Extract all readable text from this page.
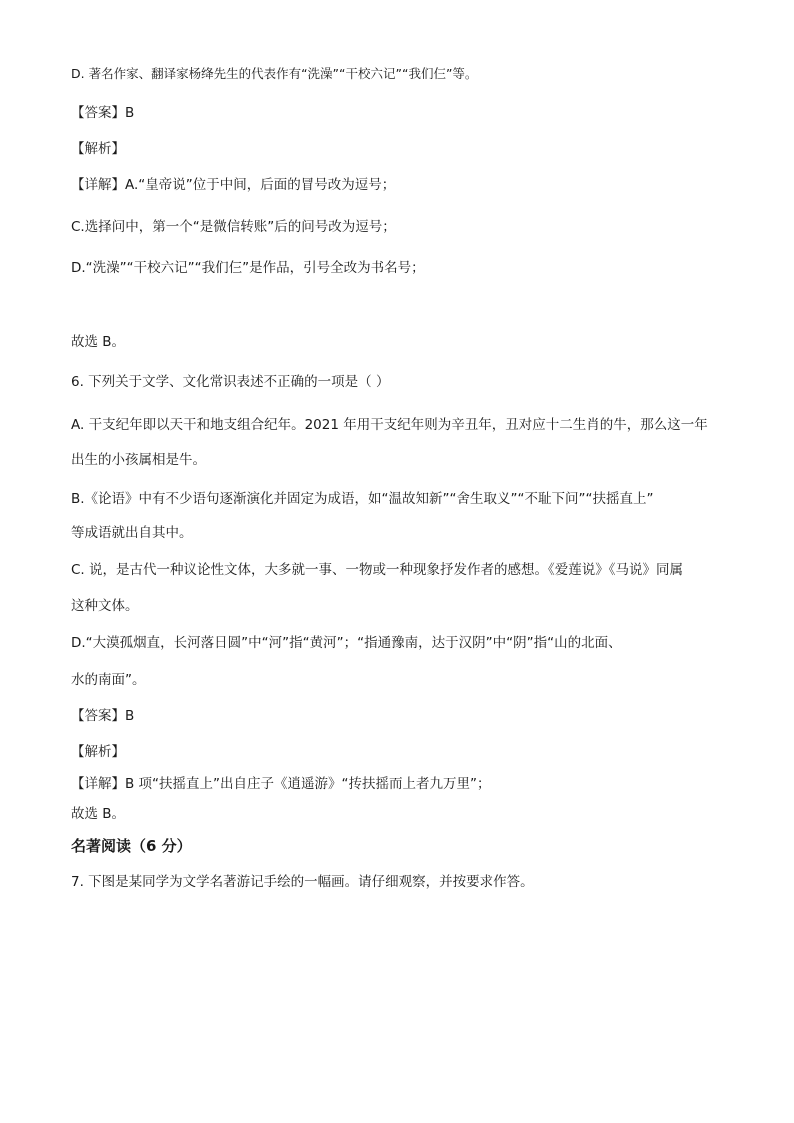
D. 著名作家、翻译家杨绛先生的代表作有“洗澡”“干校六记”“我们仨”等。
【答案】B
【解析】
【详解】A.“皇帝说”位于中间，后面的冒号改为逗号；
C.选择问中，第一个“是微信转账”后的问号改为逗号；
D.“洗澡”“干校六记”“我们仨”是作品，引号全改为书名号；
故选 B。
6. 下列关于文学、文化常识表述不正确的一项是（ ）
A. 干支纪年即以天干和地支组合纪年。2021 年用干支纪年则为辛丑年，丑对应十二生肖的牛，那么这一年
出生的小孩属相是牛。
B.《论语》中有不少语句逐渐演化并固定为成语，如“温故知新”“舍生取义”“不耻下问”“扶摇直上”
等成语就出自其中。
C. 说，是古代一种议论性文体，大多就一事、一物或一种现象抒发作者的感想。《爱莲说》《马说》同属
这种文体。
D.“大漠孤烟直，长河落日圆”中“河”指“黄河”；“指通豫南，达于汉阴”中“阴”指“山的北面、
水的南面”。
【答案】B
【解析】
【详解】B 项“扶摇直上”出自庄子《逍遥游》“抟扶摇而上者九万里”；
故选 B。
名著阅读（6 分）
7. 下图是某同学为文学名著游记手绘的一幅画。请仔细观察，并按要求作答。
